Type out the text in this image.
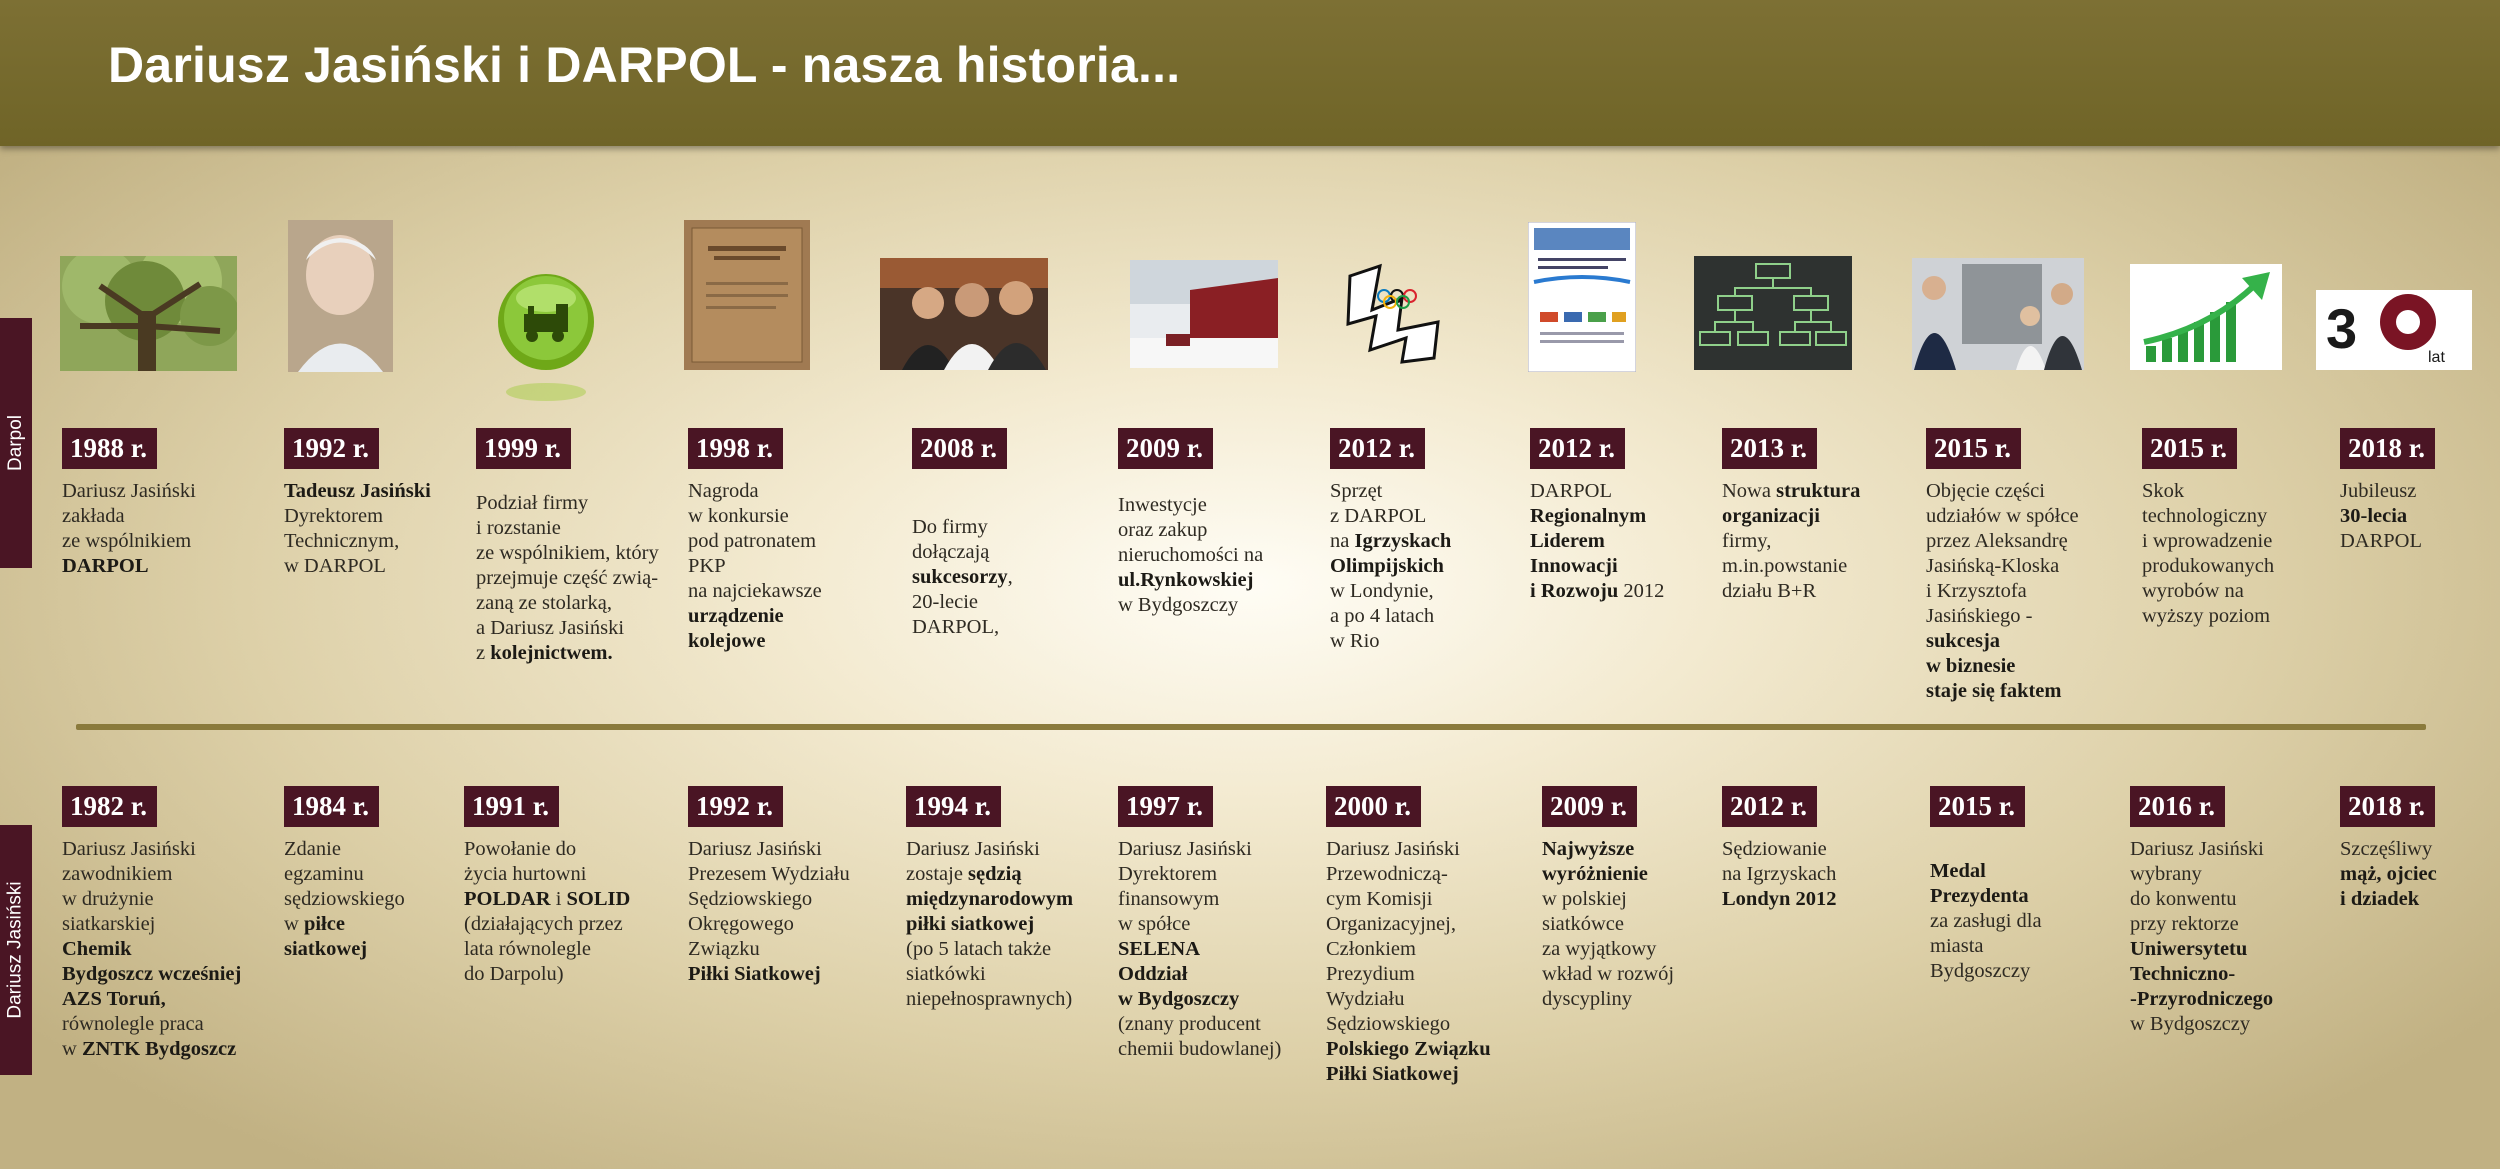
Dariusz Jasiński i DARPOL - nasza historia...
Darpol
Dariusz Jasiński
3	lat
1988 r.
Dariusz Jasiński
zakłada
ze wspólnikiem
DARPOL
1992 r.
Tadeusz Jasiński
Dyrektorem
Technicznym,
w DARPOL
1999 r.
Podział firmy
i rozstanie
ze wspólnikiem, który
przejmuje część zwią-
zaną ze stolarką,
a Dariusz Jasiński
z kolejnictwem.
1998 r.
Nagroda
w konkursie
pod patronatem
PKP
na najciekawsze
urządzenie
kolejowe
2008 r.
Do firmy
dołączają
sukcesorzy,
20-lecie
DARPOL,
2009 r.
Inwestycje
oraz zakup
nieruchomości na
ul.Rynkowskiej
w Bydgoszczy
2012 r.
Sprzęt
z DARPOL
na Igrzyskach
Olimpijskich
w Londynie,
a po 4 latach
w Rio
2012 r.
DARPOL
Regionalnym
Liderem
Innowacji
i Rozwoju 2012
2013 r.
Nowa struktura
organizacji
firmy,
m.in.powstanie
działu B+R
2015 r.
Objęcie części
udziałów w spółce
przez Aleksandrę
Jasińską-Kloska
i Krzysztofa
Jasińskiego -
sukcesja
w biznesie
staje się faktem
2015 r.
Skok
technologiczny
i wprowadzenie
produkowanych
wyrobów na
wyższy poziom
2018 r.
Jubileusz
30-lecia
DARPOL
1982 r.
Dariusz Jasiński
zawodnikiem
w drużynie
siatkarskiej
Chemik
Bydgoszcz wcześniej
AZS Toruń,
równolegle praca
w ZNTK Bydgoszcz
1984 r.
Zdanie
egzaminu
sędziowskiego
w piłce
siatkowej
1991 r.
Powołanie do
życia hurtowni
POLDAR i SOLID
(działających przez
lata równolegle
do Darpolu)
1992 r.
Dariusz Jasiński
Prezesem Wydziału
Sędziowskiego
Okręgowego
Związku
Piłki Siatkowej
1994 r.
Dariusz Jasiński
zostaje sędzią
międzynarodowym
piłki siatkowej
(po 5 latach także
siatkówki
niepełnosprawnych)
1997 r.
Dariusz Jasiński
Dyrektorem
finansowym
w spółce
SELENA
Oddział
w Bydgoszczy
(znany producent
chemii budowlanej)
2000 r.
Dariusz Jasiński
Przewodniczą-
cym Komisji
Organizacyjnej,
Członkiem
Prezydium
Wydziału
Sędziowskiego
Polskiego Związku
Piłki Siatkowej
2009 r.
Najwyższe
wyróżnienie
w polskiej
siatkówce
za wyjątkowy
wkład w rozwój
dyscypliny
2012 r.
Sędziowanie
na Igrzyskach
Londyn 2012
2015 r.
Medal
Prezydenta
za zasługi dla
miasta
Bydgoszczy
2016 r.
Dariusz Jasiński
wybrany
do konwentu
przy rektorze
Uniwersytetu
Techniczno-
-Przyrodniczego
w Bydgoszczy
2018 r.
Szczęśliwy
mąż, ojciec
i dziadek
